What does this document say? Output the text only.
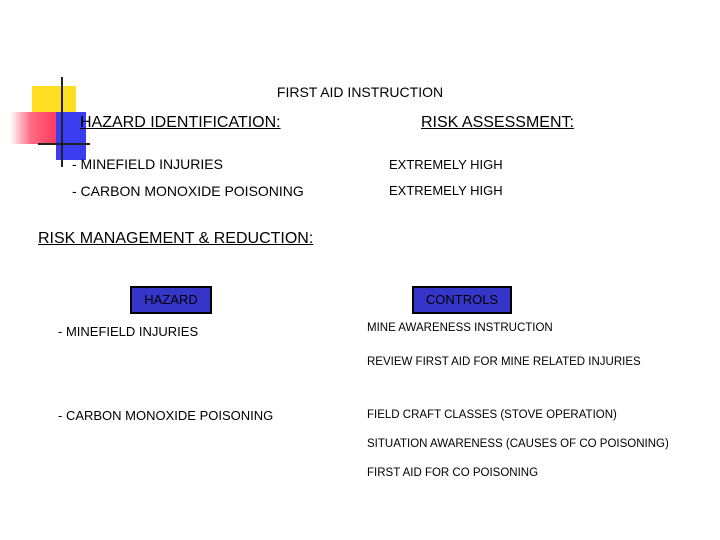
FIRST AID INSTRUCTION
HAZARD IDENTIFICATION:	RISK ASSESSMENT:
- MINEFIELD INJURIES	EXTREMELY HIGH
- CARBON MONOXIDE POISONING	EXTREMELY HIGH
RISK MANAGEMENT & REDUCTION:
HAZARD	CONTROLS
- MINEFIELD INJURIES	MINE AWARENESS INSTRUCTION
REVIEW FIRST AID FOR MINE RELATED INJURIES
- CARBON MONOXIDE POISONING	FIELD CRAFT CLASSES (STOVE OPERATION)
SITUATION AWARENESS (CAUSES OF CO POISONING)
FIRST AID FOR CO POISONING
